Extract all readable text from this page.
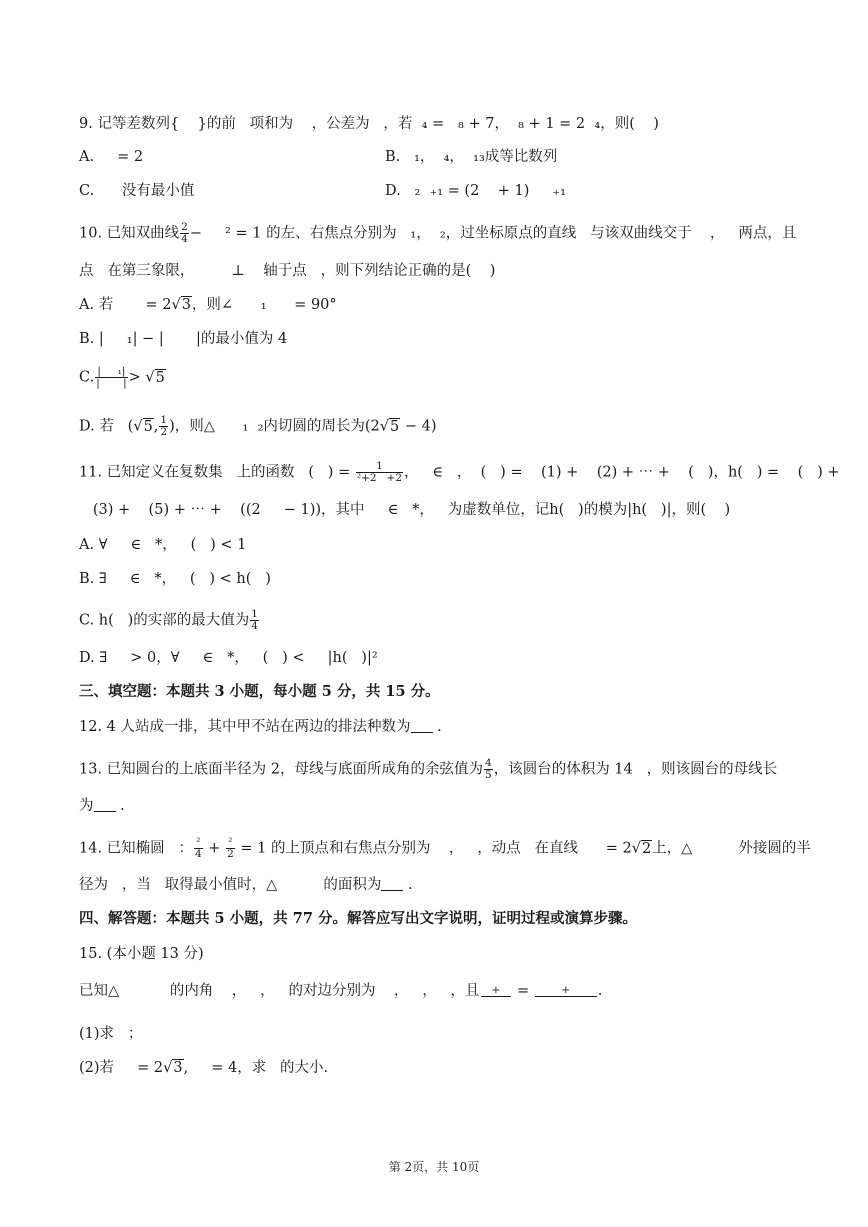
9. 记等差数列{    }的前   项和为    ，公差为   ，若  ₄ =   ₈ + 7，  ₈ + 1 = 2  ₄，则(    )
A.     = 2	B.   ₁，  ₄，  ₁₃成等比数列
C.      没有最小值	D.   ₂  ₊₁ = (2    + 1)     ₊₁
10. 已知双曲线 $\frac{2}{4}$ −     ² = 1 的左、右焦点分别为   ₁，  ₂，过坐标原点的直线   与该双曲线交于    ，   两点，且
点   在第三象限，        ⊥    轴于点   ，则下列结论正确的是(    )
A. 若       = 2√3，则∠      ₁      = 90°
B. |     ₁| − |       |的最小值为 4
C. $\frac{\text{|     ₁|}}{| |} > √5$
D. 若   (√5, $\frac{1}{2}$ )，则△      ₁  ₂内切圆的周长为(2√5 − 4)
11. 已知定义在复数集   上的函数   (   ) = $\frac{1}{\text{²+2   +2}}$ ，   ∈   ，  (   ) =    (1) +    (2) + ⋯ +    (   )，h(   ) =    (   ) +
(3) +    (5) + ⋯ +    ((2     − 1))，其中     ∈   *，   为虚数单位，记h(   )的模为|h(   )|，则(    )
A. ∀     ∈   *，   (   ) < 1
B. ∃     ∈   *，   (   ) < h(   )
C. h(   )的实部的最大值为 $\frac{1}{4}$
D. ∃     > 0，∀     ∈   *，   (   ) <     |h(   )|²
三、填空题：本题共 3 小题，每小题 5 分，共 15 分。
12. 4 人站成一排，其中甲不站在两边的排法种数为 .
13. 已知圆台的上底面半径为 2，母线与底面所成角的余弦值为 $\frac{4}{5}$ ，该圆台的体积为 14   ，则该圆台的母线长
为 .
14. 已知椭圆   ： $\frac{\text{²}}{4} + \frac{\text{²}}{2} = 1$ 的上顶点和右焦点分别为    ，   ，动点   在直线      = 2√2上，△          外接圆的半
径为   ，当   取得最小值时，△          的面积为 .
四、解答题：本题共 5 小题，共 77 分。解答应写出文字说明，证明过程或演算步骤。
15. (本小题 13 分)
已知△           的内角    ，   ，   的对边分别为    ，   ，   ，且 + =	+ .
(1)求   ；
(2)若     = 2√3,     = 4，求   的大小.
第 2页，共 10页
